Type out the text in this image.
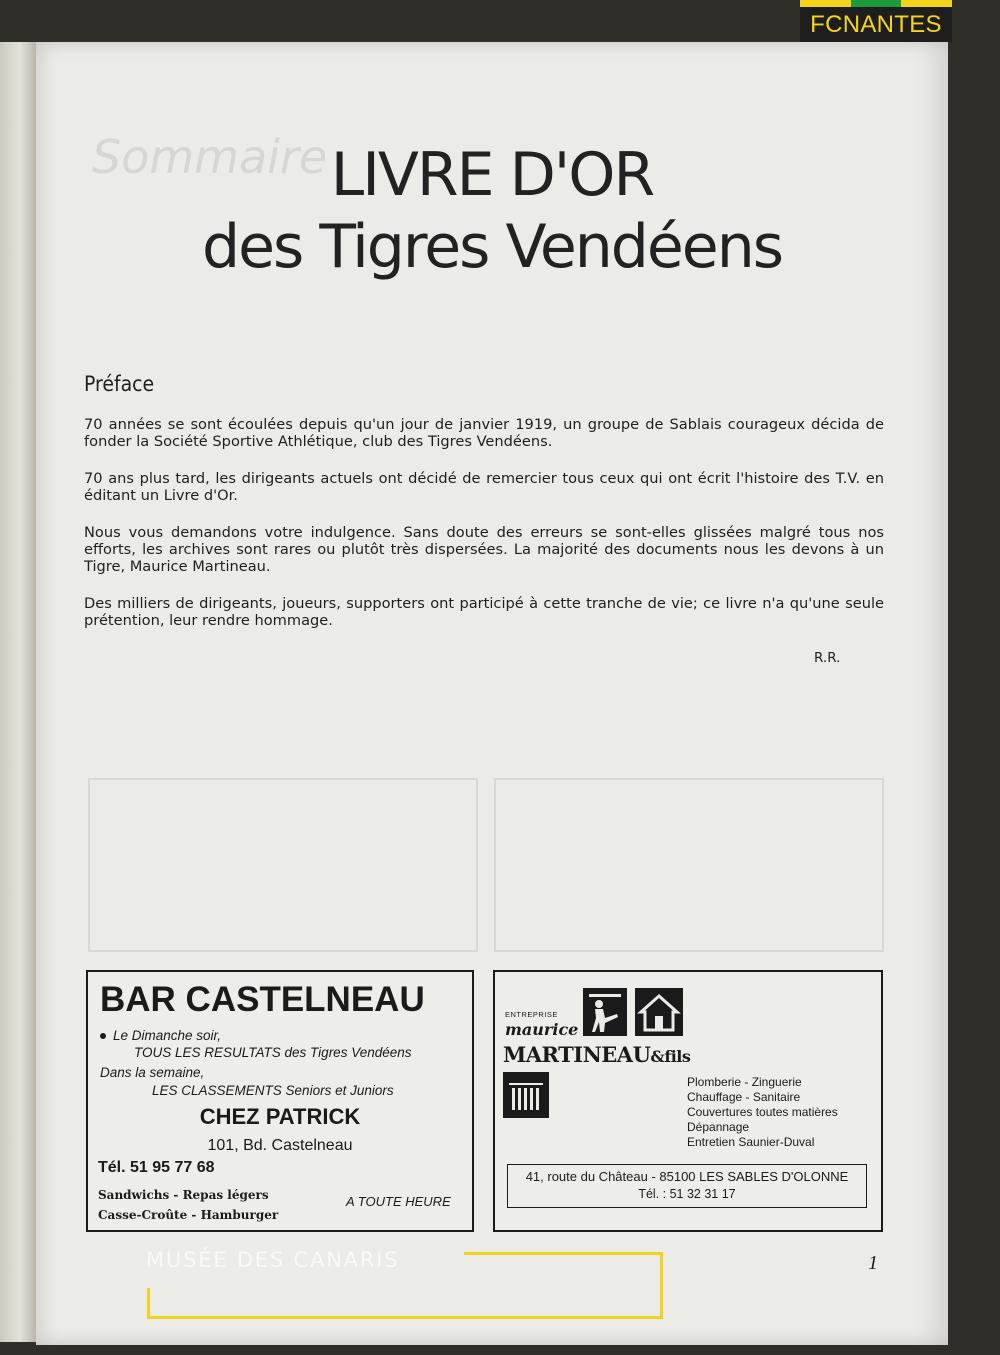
Sommaire LIVRE D'OR
des Tigres Vendéens
Préface
70 années se sont écoulées depuis qu'un jour de janvier 1919, un groupe de Sablais courageux décida de fonder la Société Sportive Athlétique, club des Tigres Vendéens.
70 ans plus tard, les dirigeants actuels ont décidé de remercier tous ceux qui ont écrit l'histoire des T.V. en éditant un Livre d'Or.
Nous vous demandons votre indulgence. Sans doute des erreurs se sont-elles glissées malgré tous nos efforts, les archives sont rares ou plutôt très dispersées. La majorité des documents nous les devons à un Tigre, Maurice Martineau.
Des milliers de dirigeants, joueurs, supporters ont participé à cette tranche de vie; ce livre n'a qu'une seule prétention, leur rendre hommage.
R.R.
BAR CASTELNEAU
Le Dimanche soir,
TOUS LES RESULTATS des Tigres Vendéens
Dans la semaine,
LES CLASSEMENTS Seniors et Juniors
CHEZ PATRICK
101, Bd. Castelneau
Tél. 51 95 77 68
Sandwichs - Repas légers
Casse-Croûte - Hamburger
A TOUTE HEURE
ENTREPRISE
maurice
MARTINEAU&fils
Plomberie - Zinguerie
Chauffage - Sanitaire
Couvertures toutes matières
Dépannage
Entretien Saunier-Duval
41, route du Château - 85100 LES SABLES D'OLONNE
Tél. : 51 32 31 17
1
FCNANTES
MUSÉE DES CANARIS
